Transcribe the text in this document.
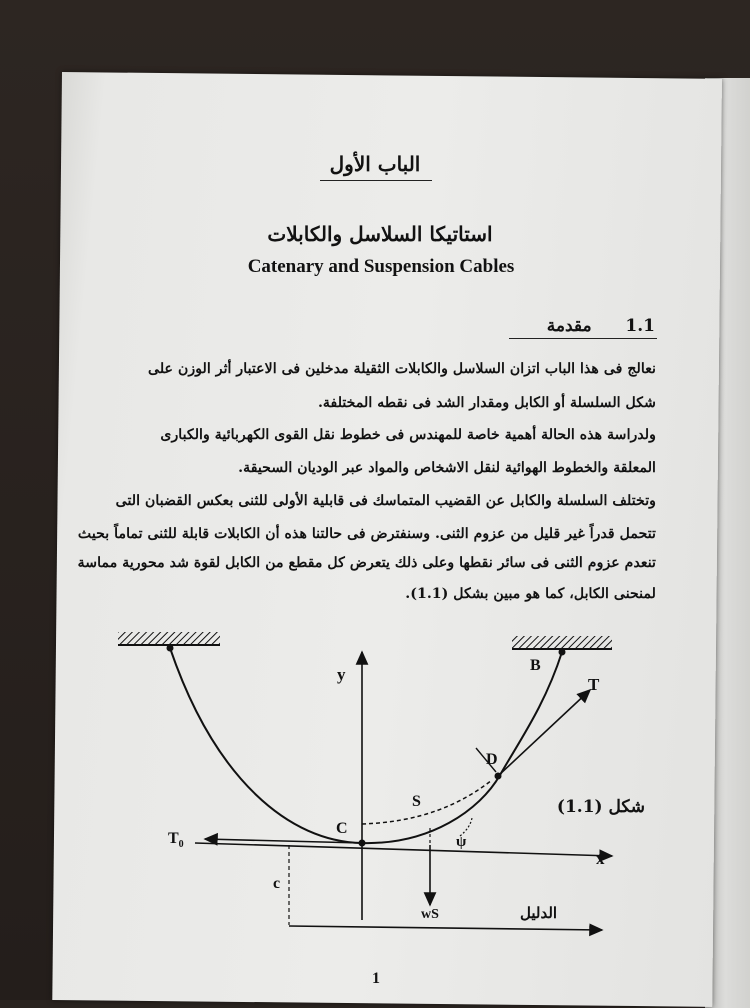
الباب الأول
استاتيكا السلاسل والكابلات
Catenary and Suspension Cables
1.1  مقدمة
نعالج فى هذا الباب اتزان السلاسل والكابلات الثقيلة مدخلين فى الاعتبار أثر الوزن على
شكل السلسلة أو الكابل ومقدار الشد فى نقطه المختلفة.
ولدراسة هذه الحالة أهمية خاصة للمهندس فى خطوط نقل القوى الكهربائية والكبارى
المعلقة والخطوط الهوائية لنقل الاشخاص والمواد عبر الوديان السحيقة.
وتختلف السلسلة والكابل عن القضيب المتماسك فى قابلية الأولى للثنى بعكس القضبان التى
تتحمل قدراً غير قليل من عزوم الثنى. وسنفترض فى حالتنا هذه أن الكابلات قابلة للثنى تماماً بحيث
تنعدم عزوم الثنى فى سائر نقطها وعلى ذلك يتعرض كل مقطع من الكابل لقوة شد محورية مماسة
لمنحنى الكابل، كما هو مبين بشكل (1.1).
y
x
B
T
D
S
C
$T_0$	ψ
c
wS	الدليل
شكل (1.1)
1
